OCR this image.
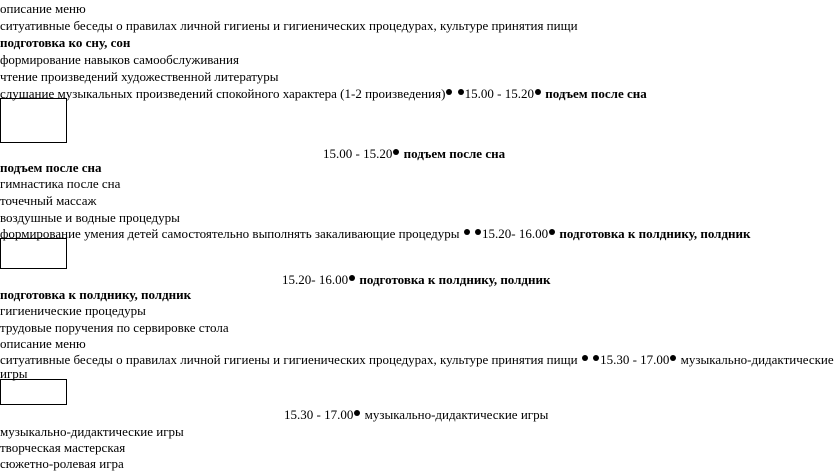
описание меню
ситуативные беседы о правилах личной гигиены и гигиенических процедурах, культуре принятия пищи
подготовка ко сну, сон
формирование навыков самообслуживания
чтение произведений художественной литературы
слушание музыкальных произведений спокойного характера (1-2 произведения) 15.00 - 15.20 подъем после сна
15.00 - 15.20 подъем после сна
подъем после сна
гимнастика после сна
точечный массаж
воздушные и водные процедуры
формирование умения детей самостоятельно выполнять закаливающие процедуры 15.20- 16.00 подготовка к полднику, полдник
15.20- 16.00 подготовка к полднику, полдник
подготовка к полднику, полдник
гигиенические процедуры
трудовые поручения по сервировке стола
описание меню
ситуативные беседы о правилах личной гигиены и гигиенических процедурах, культуре принятия пищи 15.30 - 17.00 музыкально-дидактические
игры
15.30 - 17.00 музыкально-дидактические игры
музыкально-дидактические игры
творческая мастерская
сюжетно-ролевая игра
